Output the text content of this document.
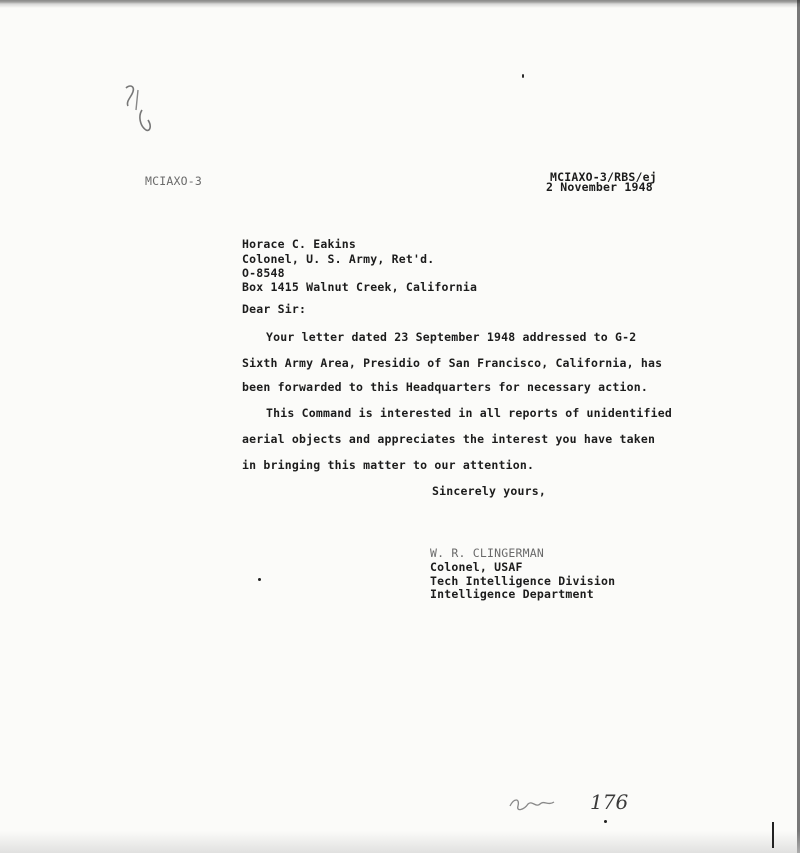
MCIAXO-3	MCIAXO-3/RBS/ej
2 November 1948
Horace C. Eakins
Colonel, U. S. Army, Ret'd.
O-8548
Box 1415 Walnut Creek, California
Dear Sir:
Your letter dated 23 September 1948 addressed to G-2
Sixth Army Area, Presidio of San Francisco, California, has
been forwarded to this Headquarters for necessary action.
This Command is interested in all reports of unidentified
aerial objects and appreciates the interest you have taken
in bringing this matter to our attention.
Sincerely yours,
W. R. CLINGERMAN
Colonel, USAF
Tech Intelligence Division
Intelligence Department
176
